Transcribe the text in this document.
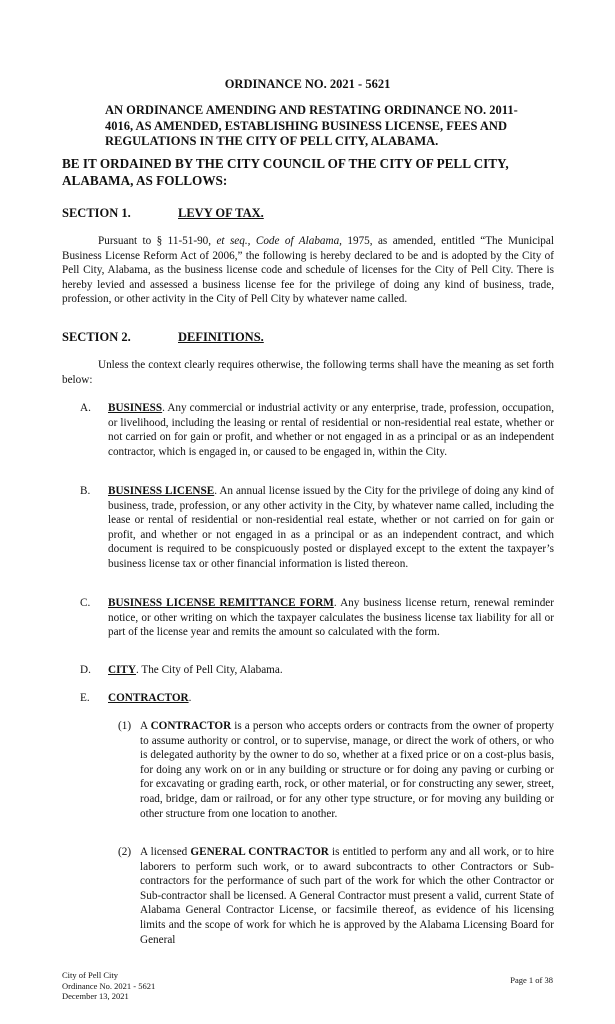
ORDINANCE NO. 2021 - 5621
AN ORDINANCE AMENDING AND RESTATING ORDINANCE NO. 2011-4016, AS AMENDED, ESTABLISHING BUSINESS LICENSE, FEES AND REGULATIONS IN THE CITY OF PELL CITY, ALABAMA.
BE IT ORDAINED BY THE CITY COUNCIL OF THE CITY OF PELL CITY, ALABAMA, AS FOLLOWS:
SECTION 1.	LEVY OF TAX.
Pursuant to § 11-51-90, et seq., Code of Alabama, 1975, as amended, entitled “The Municipal Business License Reform Act of 2006,” the following is hereby declared to be and is adopted by the City of Pell City, Alabama, as the business license code and schedule of licenses for the City of Pell City. There is hereby levied and assessed a business license fee for the privilege of doing any kind of business, trade, profession, or other activity in the City of Pell City by whatever name called.
SECTION 2.	DEFINITIONS.
Unless the context clearly requires otherwise, the following terms shall have the meaning as set forth below:
A.	BUSINESS. Any commercial or industrial activity or any enterprise, trade, profession, occupation, or livelihood, including the leasing or rental of residential or non-residential real estate, whether or not carried on for gain or profit, and whether or not engaged in as a principal or as an independent contractor, which is engaged in, or caused to be engaged in, within the City.
B.	BUSINESS LICENSE. An annual license issued by the City for the privilege of doing any kind of business, trade, profession, or any other activity in the City, by whatever name called, including the lease or rental of residential or non-residential real estate, whether or not carried on for gain or profit, and whether or not engaged in as a principal or as an independent contract, and which document is required to be conspicuously posted or displayed except to the extent the taxpayer’s business license tax or other financial information is listed thereon.
C.	BUSINESS LICENSE REMITTANCE FORM. Any business license return, renewal reminder notice, or other writing on which the taxpayer calculates the business license tax liability for all or part of the license year and remits the amount so calculated with the form.
D.	CITY. The City of Pell City, Alabama.
E.	CONTRACTOR.
(1) A CONTRACTOR is a person who accepts orders or contracts from the owner of property to assume authority or control, or to supervise, manage, or direct the work of others, or who is delegated authority by the owner to do so, whether at a fixed price or on a cost-plus basis, for doing any work on or in any building or structure or for doing any paving or curbing or for excavating or grading earth, rock, or other material, or for constructing any sewer, street, road, bridge, dam or railroad, or for any other type structure, or for moving any building or other structure from one location to another.
(2) A licensed GENERAL CONTRACTOR is entitled to perform any and all work, or to hire laborers to perform such work, or to award subcontracts to other Contractors or Sub-contractors for the performance of such part of the work for which the other Contractor or Sub-contractor shall be licensed. A General Contractor must present a valid, current State of Alabama General Contractor License, or facsimile thereof, as evidence of his licensing limits and the scope of work for which he is approved by the Alabama Licensing Board for General
City of Pell City
Ordinance No. 2021 - 5621
December 13, 2021
Page 1 of 38
